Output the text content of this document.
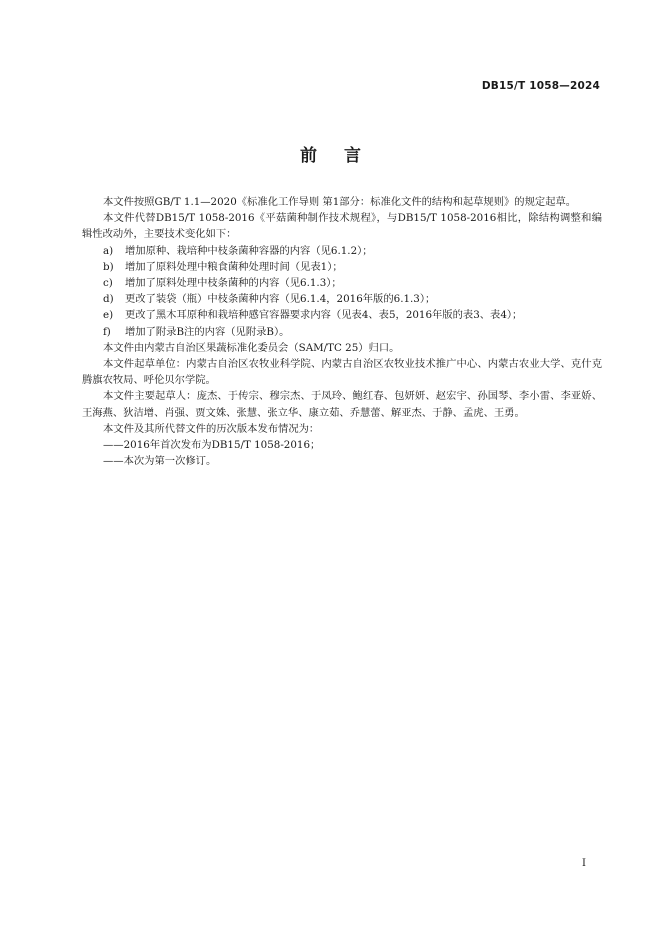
DB15/T 1058—2024
前 言

本文件按照GB/T 1.1—2020《标准化工作导则 第1部分：标准化文件的结构和起草规则》的规定起草。

本文件代替DB15/T 1058-2016《平菇菌种制作技术规程》，与DB15/T 1058-2016相比，除结构调整和编辑性改动外，主要技术变化如下：

a) 增加原种、栽培种中枝条菌种容器的内容（见6.1.2）；
b) 增加了原料处理中粮食菌种处理时间（见表1）；
c) 增加了原料处理中枝条菌种的内容（见6.1.3）；
d) 更改了装袋（瓶）中枝条菌种内容（见6.1.4，2016年版的6.1.3）；
e) 更改了黑木耳原种和栽培种感官容器要求内容（见表4、表5，2016年版的表3、表4）；
f) 增加了附录B注的内容（见附录B）。

本文件由内蒙古自治区果蔬标准化委员会（SAM/TC 25）归口。

本文件起草单位：内蒙古自治区农牧业科学院、内蒙古自治区农牧业技术推广中心、内蒙古农业大学、克什克腾旗农牧局、呼伦贝尔学院。

本文件主要起草人：庞杰、于传宗、穆宗杰、于凤玲、鲍红春、包妍妍、赵宏宇、孙国琴、李小雷、李亚娇、王海燕、狄洁增、肖强、贾文姝、张慧、张立华、康立茹、乔慧蕾、解亚杰、于静、孟虎、王勇。

本文件及其所代替文件的历次版本发布情况为：

——2016年首次发布为DB15/T 1058-2016；

——本次为第一次修订。

I
